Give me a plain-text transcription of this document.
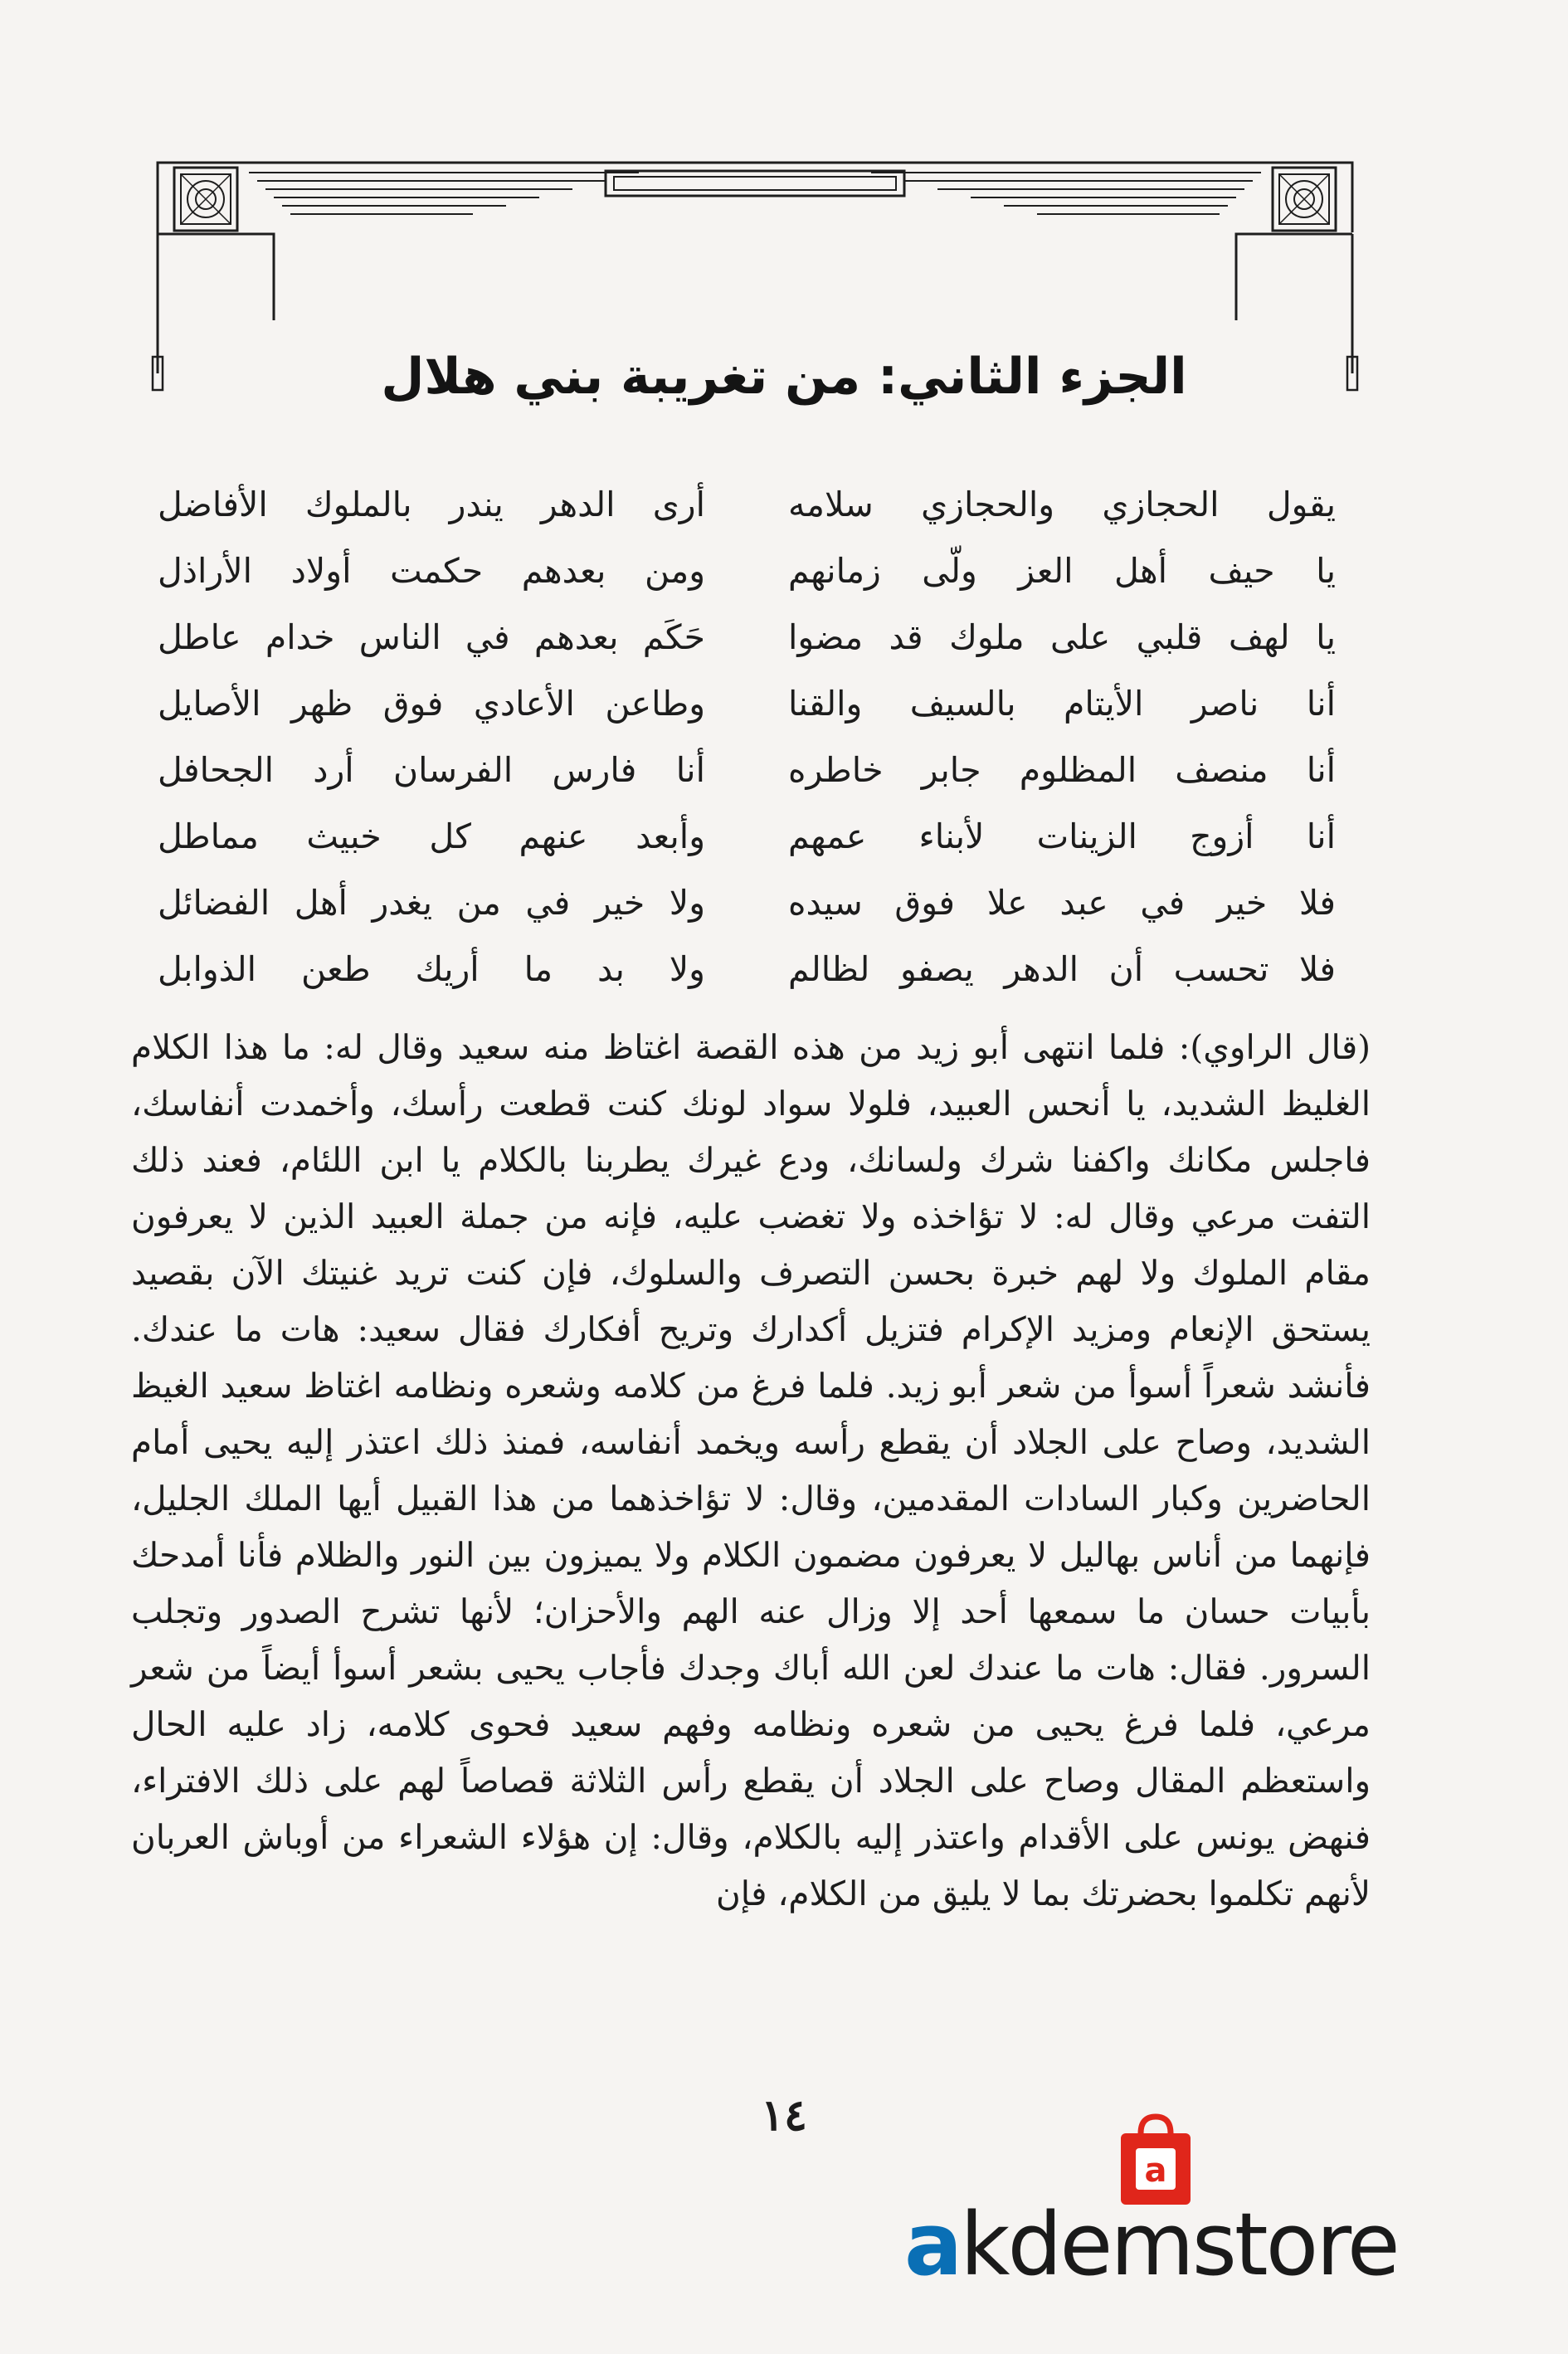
الجزء الثاني: من تغريبة بني هلال
يقول الحجازي والحجازي سلامه
أرى الدهر يندر بالملوك الأفاضل
يا حيف أهل العز ولّى زمانهم
ومن بعدهم حكمت أولاد الأراذل
يا لهف قلبي على ملوك قد مضوا
حَكَم بعدهم في الناس خدام عاطل
أنا ناصر الأيتام بالسيف والقنا
وطاعن الأعادي فوق ظهر الأصايل
أنا منصف المظلوم جابر خاطره
أنا فارس الفرسان أرد الجحافل
أنا أزوج الزينات لأبناء عمهم
وأبعد عنهم كل خبيث مماطل
فلا خير في عبد علا فوق سيده
ولا خير في من يغدر أهل الفضائل
فلا تحسب أن الدهر يصفو لظالم
ولا بد ما أريك طعن الذوابل

(قال الراوي): فلما انتهى أبو زيد من هذه القصة اغتاظ منه سعيد وقال له: ما هذا الكلام الغليظ الشديد، يا أنحس العبيد، فلولا سواد لونك كنت قطعت رأسك، وأخمدت أنفاسك، فاجلس مكانك واكفنا شرك ولسانك، ودع غيرك يطربنا بالكلام يا ابن اللئام، فعند ذلك التفت مرعي وقال له: لا تؤاخذه ولا تغضب عليه، فإنه من جملة العبيد الذين لا يعرفون مقام الملوك ولا لهم خبرة بحسن التصرف والسلوك، فإن كنت تريد غنيتك الآن بقصيد يستحق الإنعام ومزيد الإكرام فتزيل أكدارك وتريح أفكارك فقال سعيد: هات ما عندك. فأنشد شعراً أسوأ من شعر أبو زيد. فلما فرغ من كلامه وشعره ونظامه اغتاظ سعيد الغيظ الشديد، وصاح على الجلاد أن يقطع رأسه ويخمد أنفاسه، فمنذ ذلك اعتذر إليه يحيى أمام الحاضرين وكبار السادات المقدمين، وقال: لا تؤاخذهما من هذا القبيل أيها الملك الجليل، فإنهما من أناس بهاليل لا يعرفون مضمون الكلام ولا يميزون بين النور والظلام فأنا أمدحك بأبيات حسان ما سمعها أحد إلا وزال عنه الهم والأحزان؛ لأنها تشرح الصدور وتجلب السرور. فقال: هات ما عندك لعن الله أباك وجدك فأجاب يحيى بشعر أسوأ أيضاً من شعر مرعي، فلما فرغ يحيى من شعره ونظامه وفهم سعيد فحوى كلامه، زاد عليه الحال واستعظم المقال وصاح على الجلاد أن يقطع رأس الثلاثة قصاصاً لهم على ذلك الافتراء، فنهض يونس على الأقدام واعتذر إليه بالكلام، وقال: إن هؤلاء الشعراء من أوباش العربان لأنهم تكلموا بحضرتك بما لا يليق من الكلام، فإن

١٤
a
akdemstore
